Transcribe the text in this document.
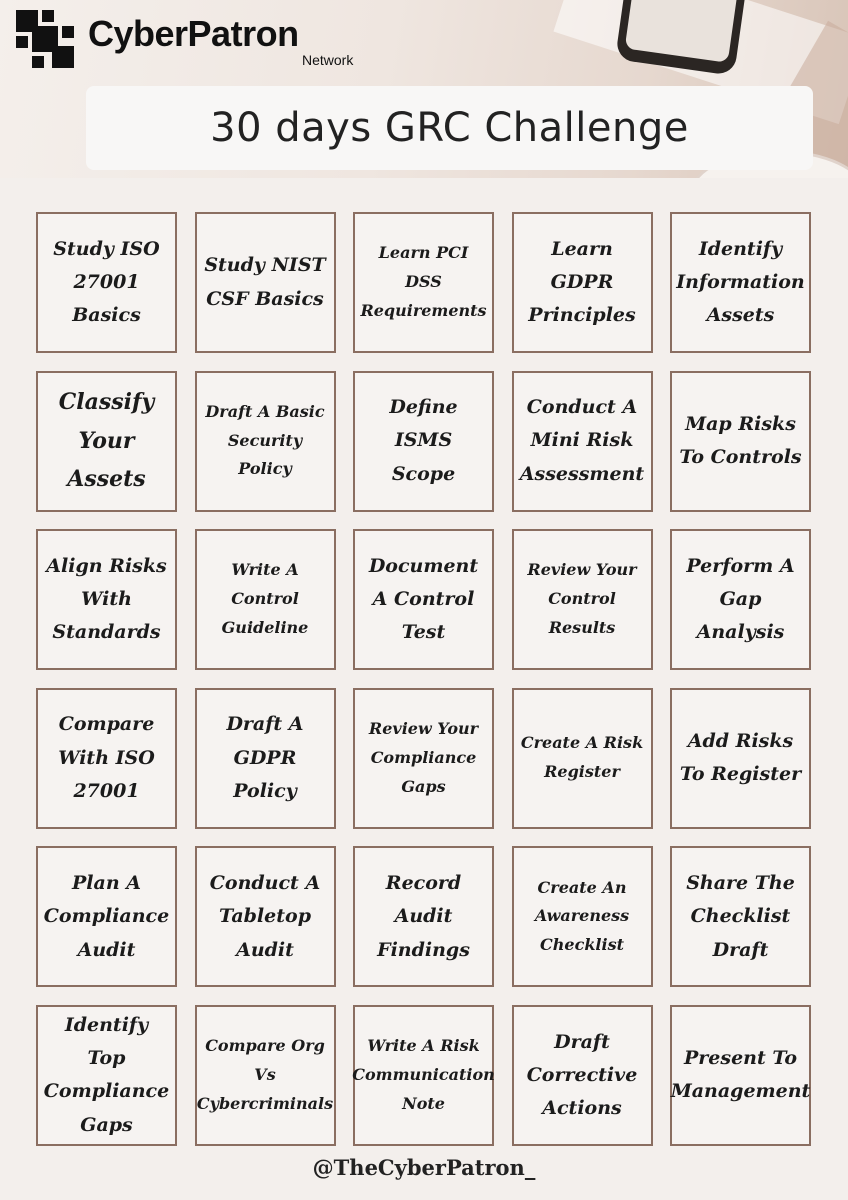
CyberPatron
Network
30 days GRC Challenge
Study ISO 27001 Basics
Study NIST CSF Basics
Learn PCI DSS Requirements
Learn GDPR Principles
Identify Information Assets
Classify Your Assets
Draft A Basic Security Policy
Define ISMS Scope
Conduct A Mini Risk Assessment
Map Risks To Controls
Align Risks With Standards
Write A Control Guideline
Document A Control Test
Review Your Control Results
Perform A Gap Analysis
Compare With ISO 27001
Draft A GDPR Policy
Review Your Compliance Gaps
Create A Risk Register
Add Risks To Register
Plan A Compliance Audit
Conduct A Tabletop Audit
Record Audit Findings
Create An Awareness Checklist
Share The Checklist Draft
Identify Top Compliance Gaps
Compare Org Vs Cybercriminals
Write A Risk Communication Note
Draft Corrective Actions
Present To Management
@TheCyberPatron_
